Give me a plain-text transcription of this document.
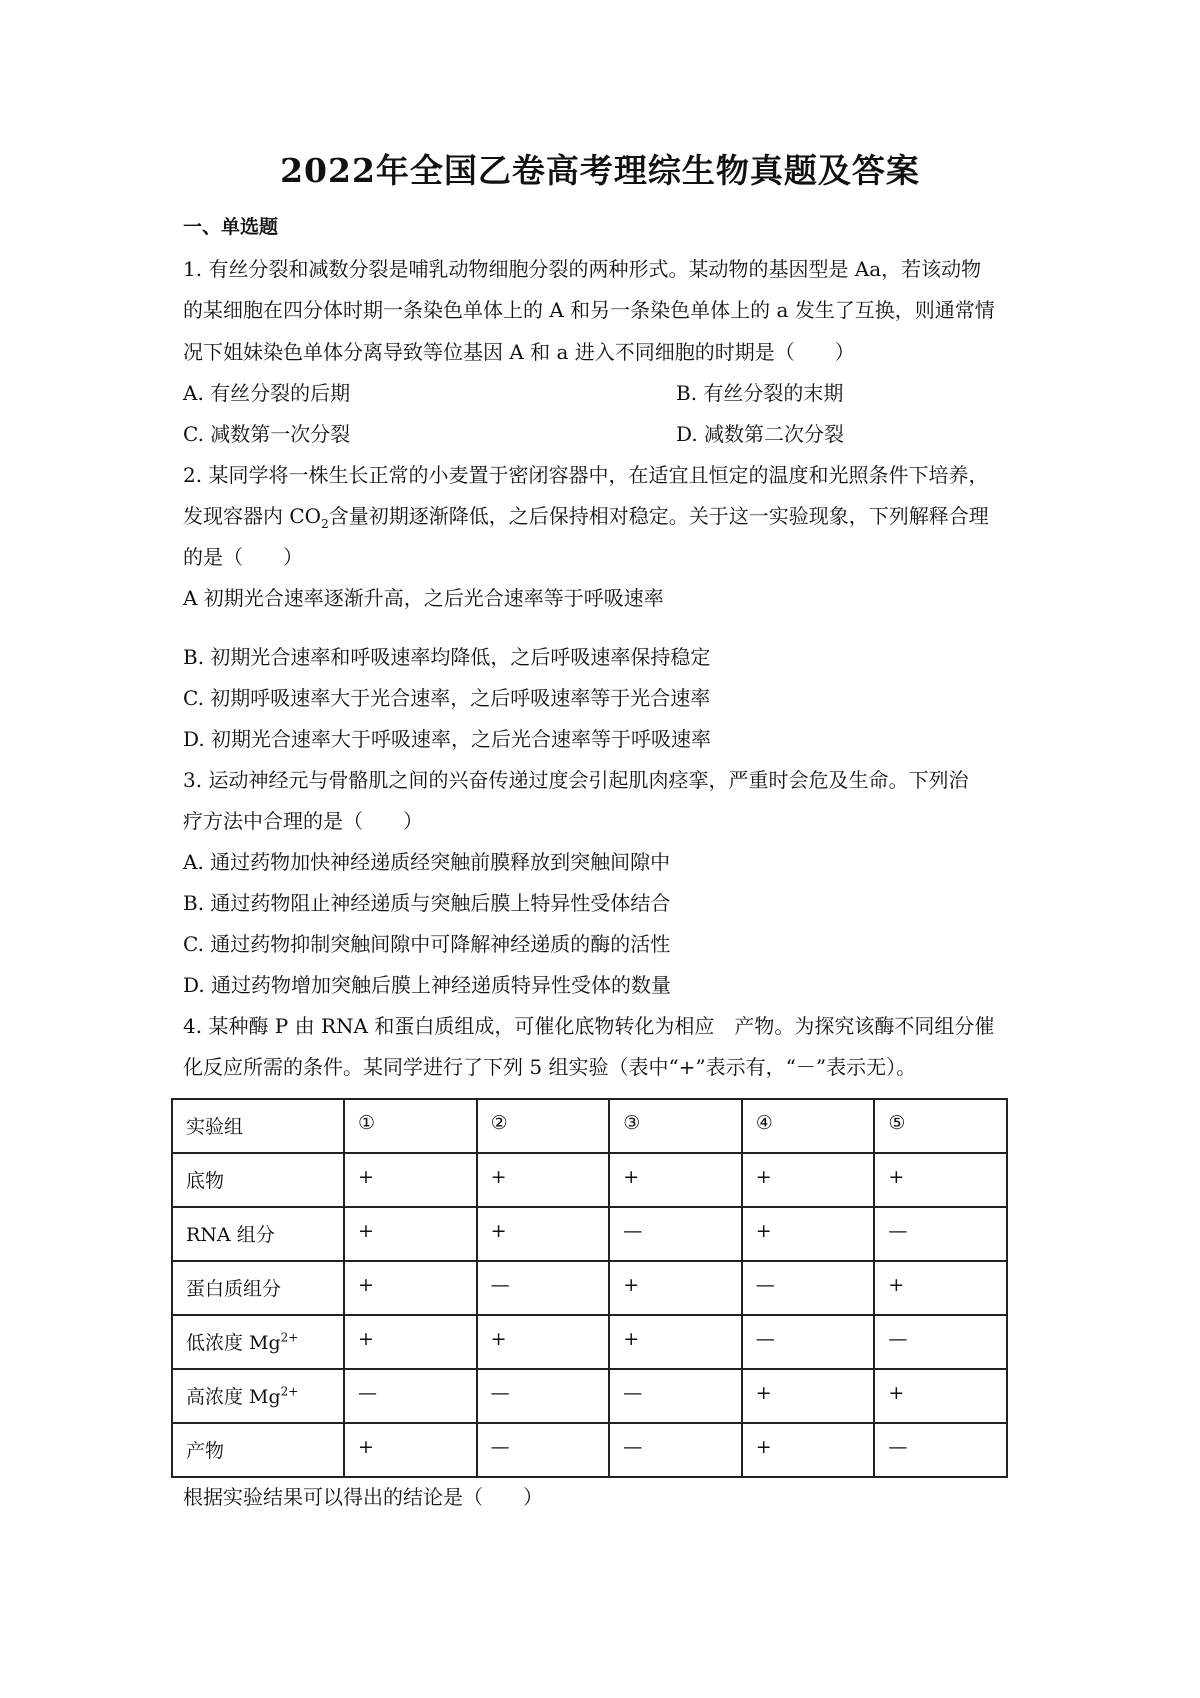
2022年全国乙卷高考理综生物真题及答案
一、单选题
1. 有丝分裂和减数分裂是哺乳动物细胞分裂的两种形式。某动物的基因型是 Aa，若该动物
的某细胞在四分体时期一条染色单体上的 A 和另一条染色单体上的 a 发生了互换，则通常情
况下姐妹染色单体分离导致等位基因 A 和 a 进入不同细胞的时期是（　　）
A. 有丝分裂的后期	B. 有丝分裂的末期
C. 减数第一次分裂	D. 减数第二次分裂
2. 某同学将一株生长正常的小麦置于密闭容器中，在适宜且恒定的温度和光照条件下培养，
发现容器内 $CO_2$含量初期逐渐降低，之后保持相对稳定。关于这一实验现象，下列解释合理
的是（　　）
A 初期光合速率逐渐升高，之后光合速率等于呼吸速率
B. 初期光合速率和呼吸速率均降低，之后呼吸速率保持稳定
C. 初期呼吸速率大于光合速率，之后呼吸速率等于光合速率
D. 初期光合速率大于呼吸速率，之后光合速率等于呼吸速率
3. 运动神经元与骨骼肌之间的兴奋传递过度会引起肌肉痉挛，严重时会危及生命。下列治
疗方法中合理的是（　　）
A. 通过药物加快神经递质经突触前膜释放到突触间隙中
B. 通过药物阻止神经递质与突触后膜上特异性受体结合
C. 通过药物抑制突触间隙中可降解神经递质的酶的活性
D. 通过药物增加突触后膜上神经递质特异性受体的数量
4. 某种酶 P 由 RNA 和蛋白质组成，可催化底物转化为相应　产物。为探究该酶不同组分催
化反应所需的条件。某同学进行了下列 5 组实验（表中“+”表示有，“－”表示无）。
实验组	①	②	③	④	⑤
底物	+	+	+	+	+
RNA 组分	+	+	—	+	—
蛋白质组分	+	—	+	—	+
低浓度 $Mg^{2+}$	+	+	+	—	—
高浓度 $Mg^{2+}$	—	—	—	+	+
产物	+	—	—	+	—
根据实验结果可以得出的结论是（　　）
